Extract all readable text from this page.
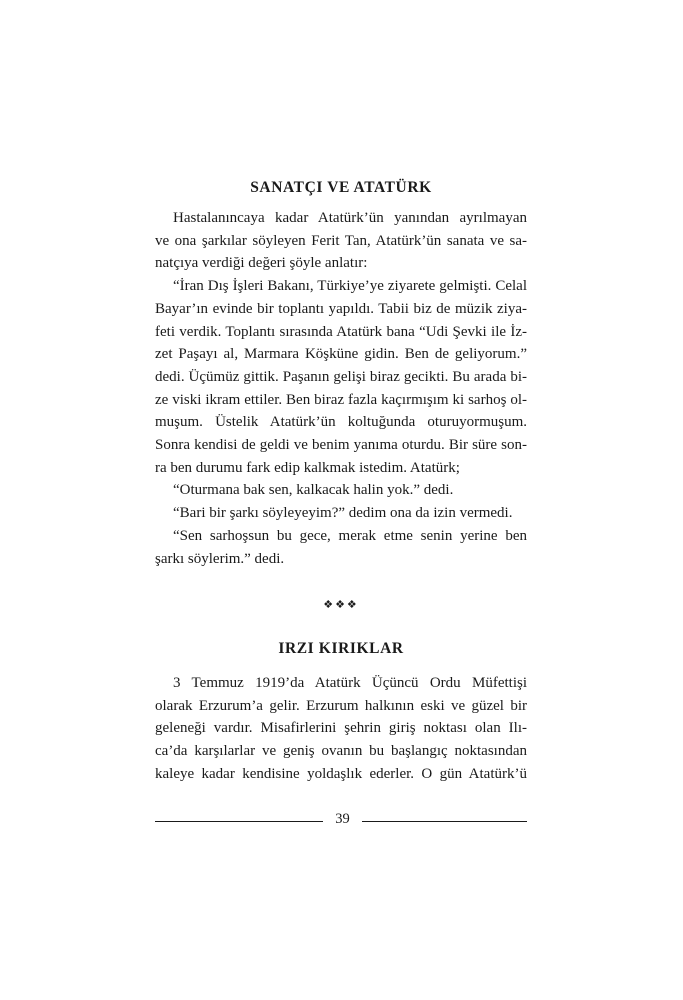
SANATÇI VE ATATÜRK
Hastalanıncaya kadar Atatürk’ün yanından ayrılmayan
ve ona şarkılar söyleyen Ferit Tan, Atatürk’ün sanata ve sa-
natçıya verdiği değeri şöyle anlatır:
“İran Dış İşleri Bakanı, Türkiye’ye ziyarete gelmişti. Celal
Bayar’ın evinde bir toplantı yapıldı. Tabii biz de müzik ziya-
feti verdik. Toplantı sırasında Atatürk bana “Udi Şevki ile İz-
zet Paşayı al, Marmara Köşküne gidin. Ben de geliyorum.”
dedi. Üçümüz gittik. Paşanın gelişi biraz gecikti. Bu arada bi-
ze viski ikram ettiler. Ben biraz fazla kaçırmışım ki sarhoş ol-
muşum. Üstelik Atatürk’ün koltuğunda oturuyormuşum.
Sonra kendisi de geldi ve benim yanıma oturdu. Bir süre son-
ra ben durumu fark edip kalkmak istedim. Atatürk;
“Oturmana bak sen, kalkacak halin yok.” dedi.
“Bari bir şarkı söyleyeyim?” dedim ona da izin vermedi.
“Sen sarhoşsun bu gece, merak etme senin yerine ben
şarkı söylerim.” dedi.
❖❖❖
IRZI KIRIKLAR
3 Temmuz 1919’da Atatürk Üçüncü Ordu Müfettişi
olarak Erzurum’a gelir. Erzurum halkının eski ve güzel bir
geleneği vardır. Misafirlerini şehrin giriş noktası olan Ilı-
ca’da karşılarlar ve geniş ovanın bu başlangıç noktasından
kaleye kadar kendisine yoldaşlık ederler. O gün Atatürk’ü
39
